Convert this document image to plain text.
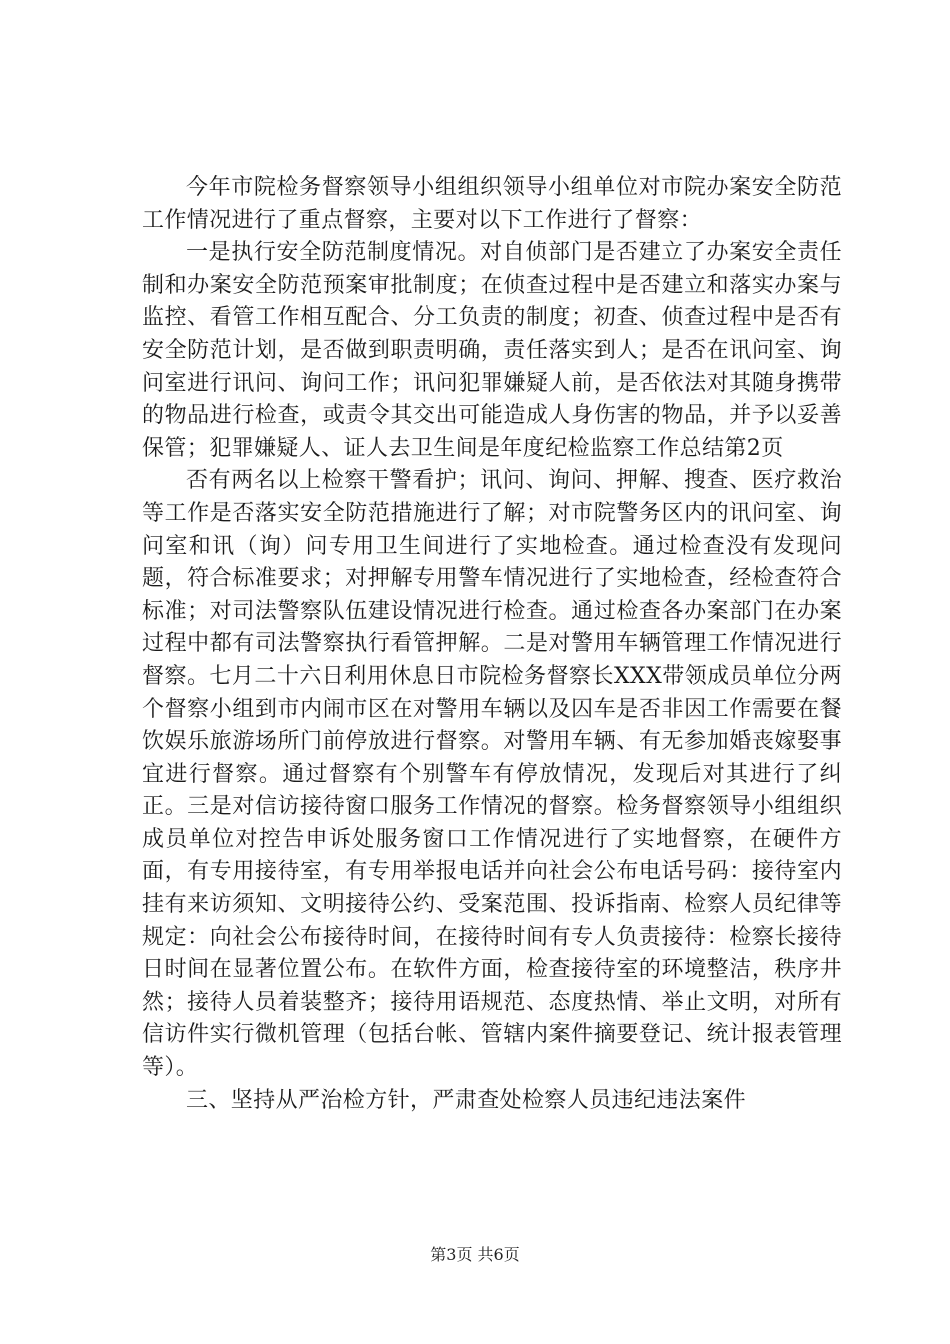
今年市院检务督察领导小组组织领导小组单位对市院办案安全防范工作情况进行了重点督察，主要对以下工作进行了督察：

一是执行安全防范制度情况。对自侦部门是否建立了办案安全责任制和办案安全防范预案审批制度；在侦查过程中是否建立和落实办案与监控、看管工作相互配合、分工负责的制度；初查、侦查过程中是否有安全防范计划，是否做到职责明确，责任落实到人；是否在讯问室、询问室进行讯问、询问工作；讯问犯罪嫌疑人前，是否依法对其随身携带的物品进行检查，或责令其交出可能造成人身伤害的物品，并予以妥善保管；犯罪嫌疑人、证人去卫生间是年度纪检监察工作总结第2页

否有两名以上检察干警看护；讯问、询问、押解、搜查、医疗救治等工作是否落实安全防范措施进行了解；对市院警务区内的讯问室、询问室和讯（询）问专用卫生间进行了实地检查。通过检查没有发现问题，符合标准要求；对押解专用警车情况进行了实地检查，经检查符合标准；对司法警察队伍建设情况进行检查。通过检查各办案部门在办案过程中都有司法警察执行看管押解。二是对警用车辆管理工作情况进行督察。七月二十六日利用休息日市院检务督察长XXX带领成员单位分两个督察小组到市内闹市区在对警用车辆以及囚车是否非因工作需要在餐饮娱乐旅游场所门前停放进行督察。对警用车辆、有无参加婚丧嫁娶事宜进行督察。通过督察有个别警车有停放情况，发现后对其进行了纠正。三是对信访接待窗口服务工作情况的督察。检务督察领导小组组织成员单位对控告申诉处服务窗口工作情况进行了实地督察，在硬件方面，有专用接待室，有专用举报电话并向社会公布电话号码：接待室内挂有来访须知、文明接待公约、受案范围、投诉指南、检察人员纪律等规定：向社会公布接待时间，在接待时间有专人负责接待：检察长接待日时间在显著位置公布。在软件方面，检查接待室的环境整洁，秩序井然；接待人员着装整齐；接待用语规范、态度热情、举止文明，对所有信访件实行微机管理（包括台帐、管辖内案件摘要登记、统计报表管理等）。

三、坚持从严治检方针，严肃查处检察人员违纪违法案件

第3页 共6页
